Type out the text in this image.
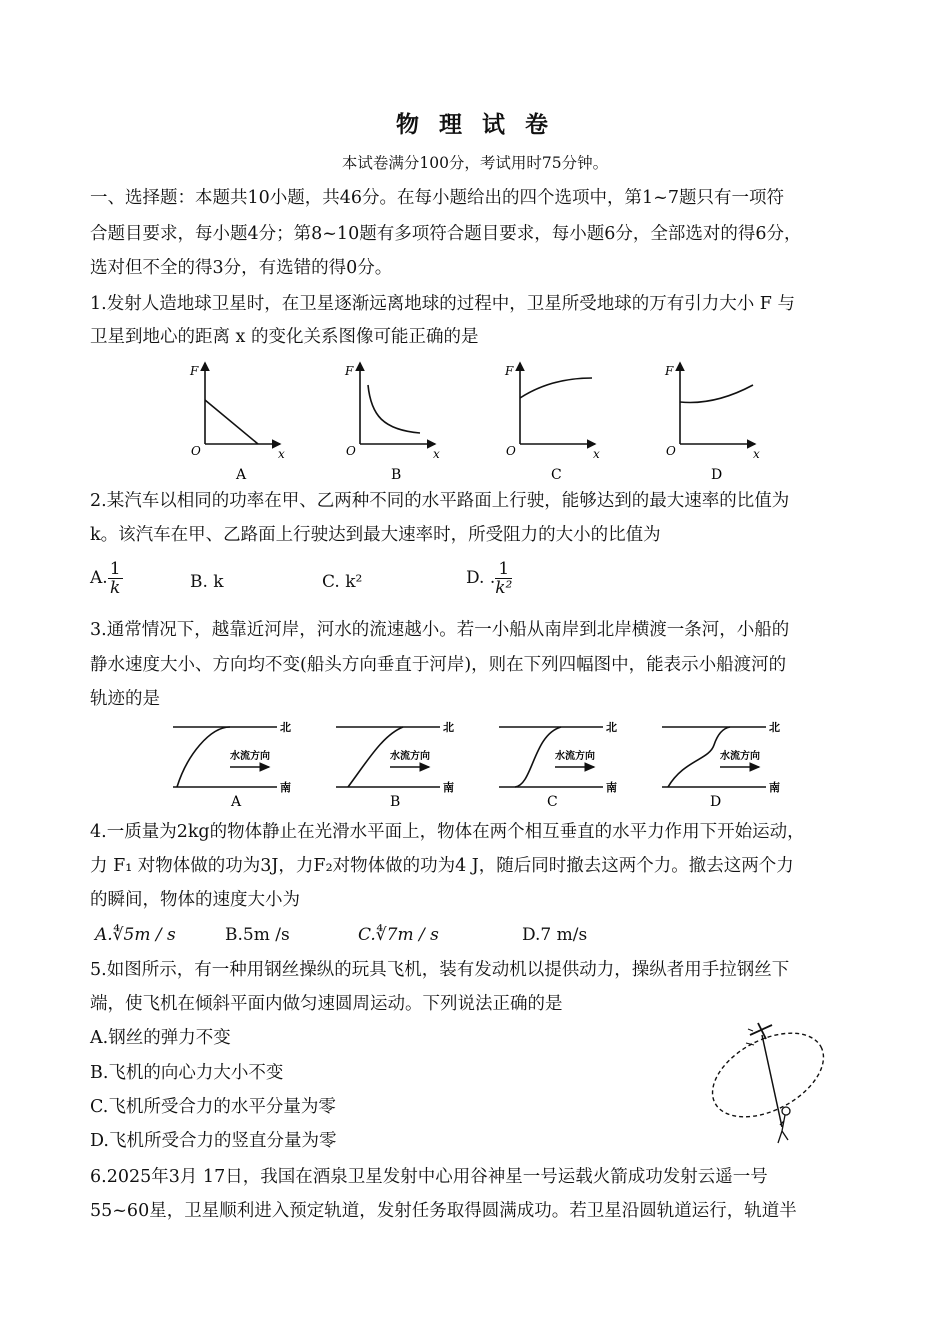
物 理 试 卷
本试卷满分100分，考试用时75分钟。
一、选择题：本题共10小题，共46分。在每小题给出的四个选项中，第1~7题只有一项符
合题目要求，每小题4分；第8~10题有多项符合题目要求，每小题6分，全部选对的得6分，
选对但不全的得3分，有选错的得0分。
1.发射人造地球卫星时，在卫星逐渐远离地球的过程中，卫星所受地球的万有引力大小 F 与
卫星到地心的距离 x 的变化关系图像可能正确的是
F
O	x
A
F
O	x
B
F
O	x
C
F
O	x
D
2.某汽车以相同的功率在甲、乙两种不同的水平路面上行驶，能够达到的最大速率的比值为
k。该汽车在甲、乙路面上行驶达到最大速率时，所受阻力的大小的比值为
A. $\frac{1}{k}$	B. k	C. k²	D. . $\frac{1}{\text{k²}}$
3.通常情况下，越靠近河岸，河水的流速越小。若一小船从南岸到北岸横渡一条河，小船的
静水速度大小、方向均不变(船头方向垂直于河岸)，则在下列四幅图中，能表示小船渡河的
轨迹的是
北
南
水流方向
A
北
南
水流方向
B
北
南
水流方向
C
北
南
水流方向
D
4.一质量为2kg的物体静止在光滑水平面上，物体在两个相互垂直的水平力作用下开始运动，
力 F₁ 对物体做的功为3J，力F₂对物体做的功为4 J，随后同时撤去这两个力。撤去这两个力
的瞬间，物体的速度大小为
A.∜5m / s	B.5m /s	C.∜7m / s	D.7 m/s
5.如图所示，有一种用钢丝操纵的玩具飞机，装有发动机以提供动力，操纵者用手拉钢丝下
端，使飞机在倾斜平面内做匀速圆周运动。下列说法正确的是
A.钢丝的弹力不变
B.飞机的向心力大小不变
C.飞机所受合力的水平分量为零
D.飞机所受合力的竖直分量为零
6.2025年3月 17日，我国在酒泉卫星发射中心用谷神星一号运载火箭成功发射云遥一号
55~60星，卫星顺利进入预定轨道，发射任务取得圆满成功。若卫星沿圆轨道运行，轨道半
